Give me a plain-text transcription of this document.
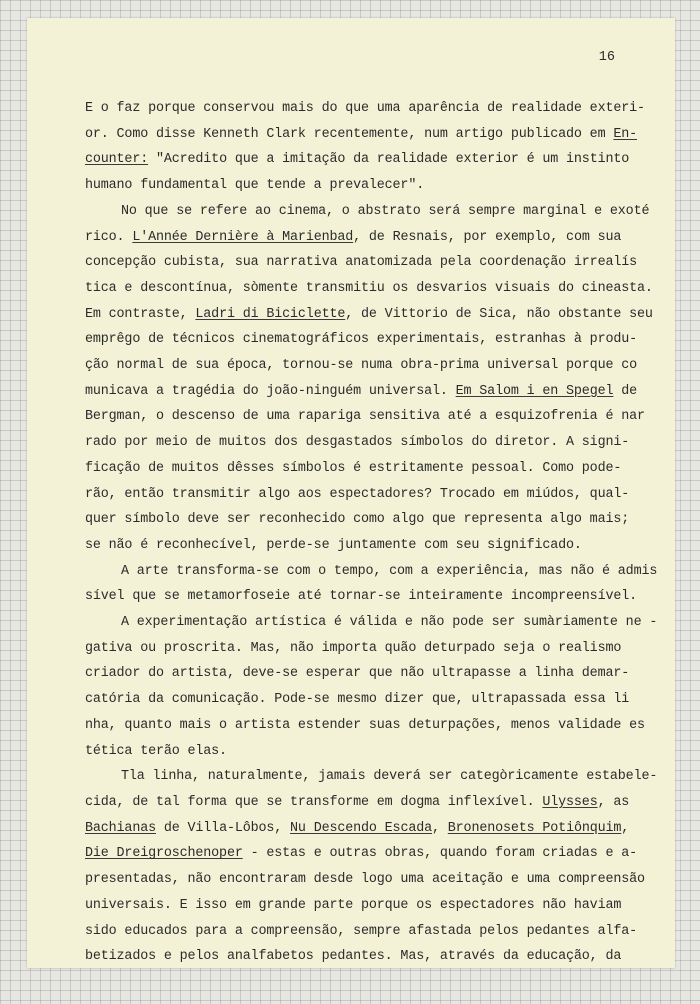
16

E o faz porque conservou mais do que uma aparência de realidade exteri-
or. Como disse Kenneth Clark recentemente, num artigo publicado em En-
counter: "Acredito que a imitação da realidade exterior é um instinto
humano fundamental que tende a prevalecer".

No que se refere ao cinema, o abstrato será sempre marginal e exoté
rico. L'Année Dernière à Marienbad, de Resnais, por exemplo, com sua
concepção cubista, sua narrativa anatomizada pela coordenação irrealís
tica e descontínua, sòmente transmitiu os desvarios visuais do cineasta.
Em contraste, Ladri di Biciclette, de Vittorio de Sica, não obstante seu
emprêgo de técnicos cinematográficos experimentais, estranhas à produ-
ção normal de sua época, tornou-se numa obra-prima universal porque co
municava a tragédia do joão-ninguém universal. Em Salom i en Spegel de
Bergman, o descenso de uma rapariga sensitiva até a esquizofrenia é nar
rado por meio de muitos dos desgastados símbolos do diretor. A signi-
ficação de muitos dêsses símbolos é estritamente pessoal. Como pode-
rão, então transmitir algo aos espectadores? Trocado em miúdos, qual-
quer símbolo deve ser reconhecido como algo que representa algo mais;
se não é reconhecível, perde-se juntamente com seu significado.

A arte transforma-se com o tempo, com a experiência, mas não é admis
sível que se metamorfoseie até tornar-se inteiramente incompreensível.

A experimentação artística é válida e não pode ser sumàriamente ne -
gativa ou proscrita. Mas, não importa quão deturpado seja o realismo
criador do artista, deve-se esperar que não ultrapasse a linha demar-
catória da comunicação. Pode-se mesmo dizer que, ultrapassada essa li
nha, quanto mais o artista estender suas deturpações, menos validade es
tética terão elas.

Tla linha, naturalmente, jamais deverá ser categòricamente estabele-
cida, de tal forma que se transforme em dogma inflexível. Ulysses, as
Bachianas de Villa-Lôbos, Nu Descendo Escada, Bronenosets Potiônquim,
Die Dreigroschenoper - estas e outras obras, quando foram criadas e a-
presentadas, não encontraram desde logo uma aceitação e uma compreensão
universais. E isso em grande parte porque os espectadores não haviam
sido educados para a compreensão, sempre afastada pelos pedantes alfa-
betizados e pelos analfabetos pedantes. Mas, através da educação, da
